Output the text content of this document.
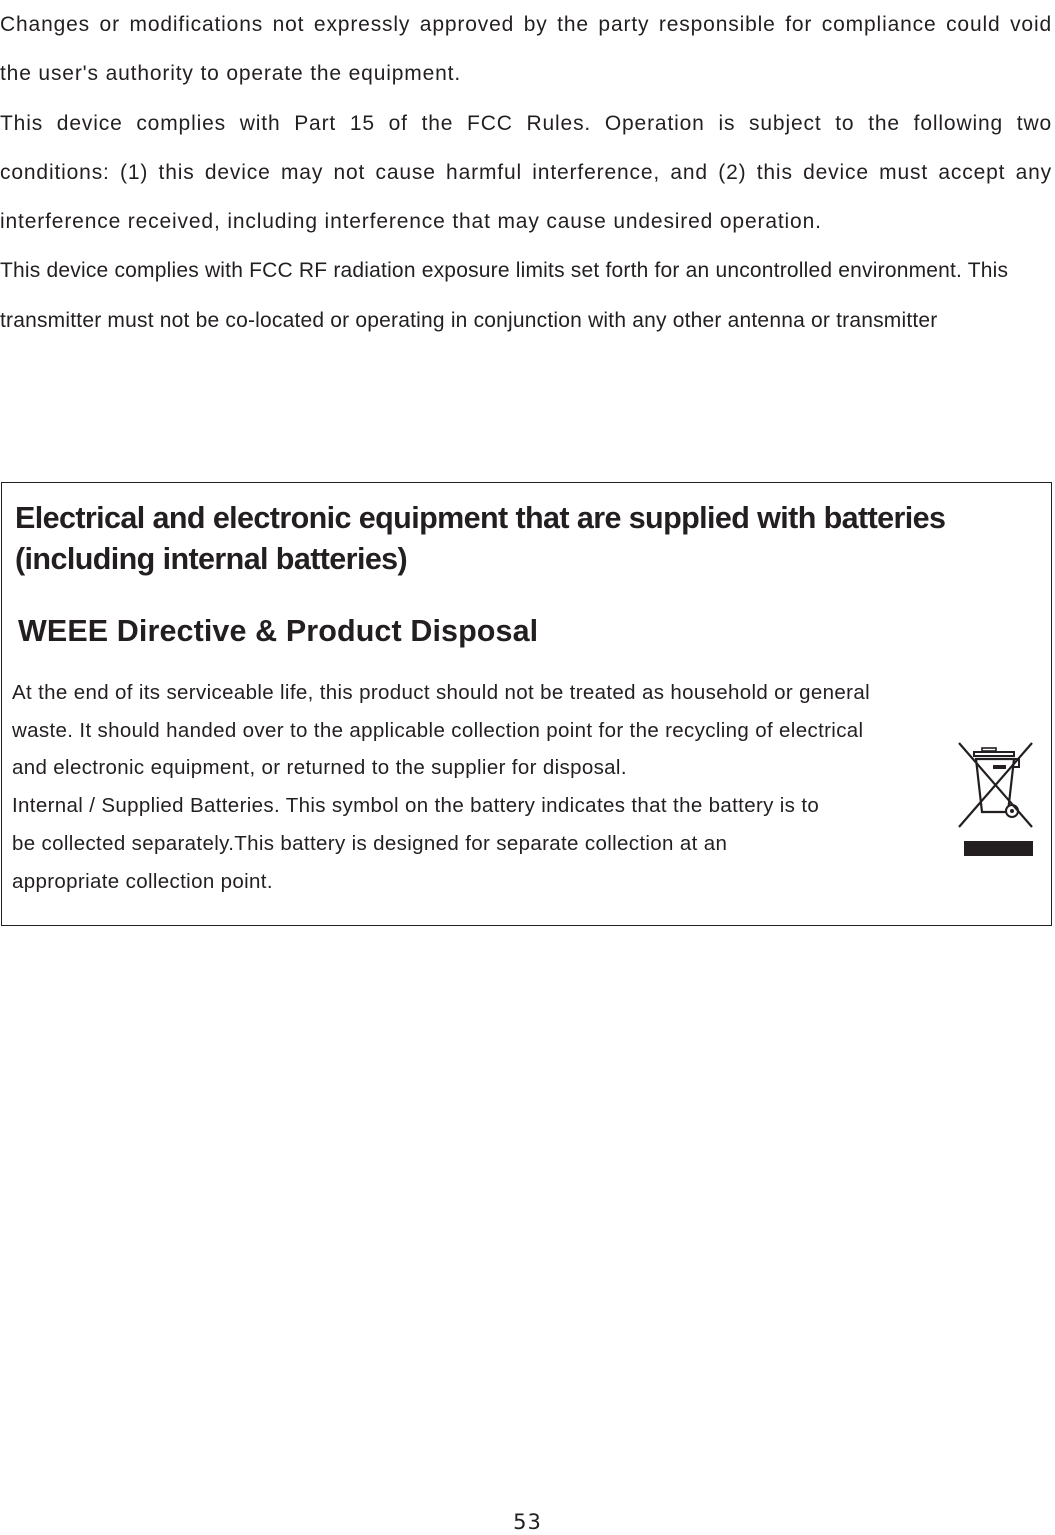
Changes or modifications not expressly approved by the party responsible for compliance could void the user's authority to operate the equipment.

This device complies with Part 15 of the FCC Rules. Operation is subject to the following two conditions: (1) this device may not cause harmful interference, and (2) this device must accept any interference received, including interference that may cause undesired operation.

This device complies with FCC RF radiation exposure limits set forth for an uncontrolled environment. This transmitter must not be co-located or operating in conjunction with any other antenna or transmitter

Electrical and electronic equipment that are supplied with batteries (including internal batteries)
WEEE Directive & Product Disposal
At the end of its serviceable life, this product should not be treated as household or general
waste. It should handed over to the applicable collection point for the recycling of electrical
and electronic equipment, or returned to the supplier for disposal.
Internal / Supplied Batteries. This symbol on the battery indicates that the battery is to
be collected separately.This battery is designed for separate collection at an
appropriate collection point.
53
